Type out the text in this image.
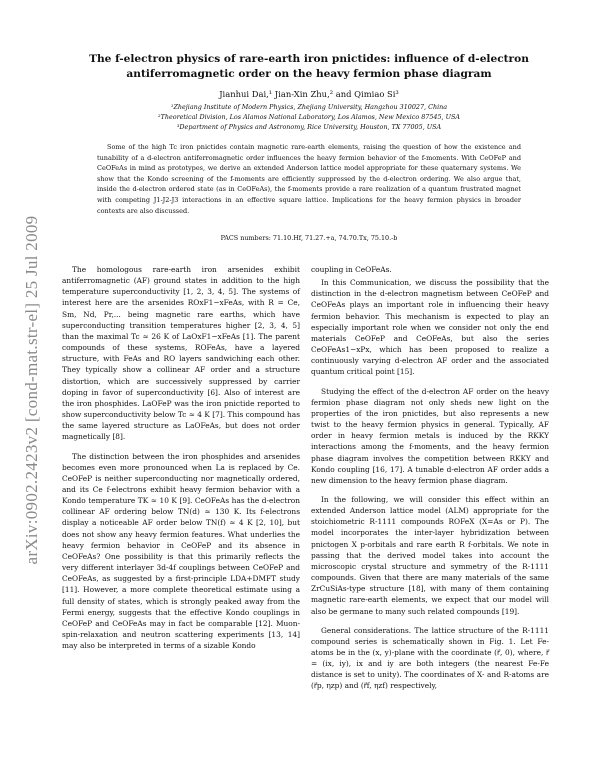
arXiv:0902.2423v2 [cond-mat.str-el] 25 Jul 2009
The f-electron physics of rare-earth iron pnictides: influence of d-electron antiferromagnetic order on the heavy fermion phase diagram
Jianhui Dai,¹ Jian-Xin Zhu,² and Qimiao Si³
¹Zhejiang Institute of Modern Physics, Zhejiang University, Hangzhou 310027, China
²Theoretical Division, Los Alamos National Laboratory, Los Alamos, New Mexico 87545, USA
³Department of Physics and Astronomy, Rice University, Houston, TX 77005, USA

Some of the high Tc iron pnictides contain magnetic rare-earth elements, raising the question of how the existence and tunability of a d-electron antiferromagnetic order influences the heavy fermion behavior of the f-moments. With CeOFeP and CeOFeAs in mind as prototypes, we derive an extended Anderson lattice model appropriate for these quaternary systems. We show that the Kondo screening of the f-moments are efficiently suppressed by the d-electron ordering. We also argue that, inside the d-electron ordered state (as in CeOFeAs), the f-moments provide a rare realization of a quantum frustrated magnet with competing J1-J2-J3 interactions in an effective square lattice. Implications for the heavy fermion physics in broader contexts are also discussed.

PACS numbers: 71.10.Hf, 71.27.+a, 74.70.Tx, 75.10.-b

The homologous rare-earth iron arsenides exhibit antiferromagnetic (AF) ground states in addition to the high temperature superconductivity [1, 2, 3, 4, 5]. The systems of interest here are the arsenides ROxF1−xFeAs, with R = Ce, Sm, Nd, Pr,... being magnetic rare earths, which have superconducting transition temperatures higher [2, 3, 4, 5] than the maximal Tc ≈ 26 K of LaOxF1−xFeAs [1]. The parent compounds of these systems, ROFeAs, have a layered structure, with FeAs and RO layers sandwiching each other. They typically show a collinear AF order and a structure distortion, which are successively suppressed by carrier doping in favor of superconductivity [6]. Also of interest are the iron phosphides. LaOFeP was the iron pnictide reported to show superconductivity below Tc ≈ 4 K [7]. This compound has the same layered structure as LaOFeAs, but does not order magnetically [8].

The distinction between the iron phosphides and arsenides becomes even more pronounced when La is replaced by Ce. CeOFeP is neither superconducting nor magnetically ordered, and its Ce f-electrons exhibit heavy fermion behavior with a Kondo temperature TK ≈ 10 K [9]. CeOFeAs has the d-electron collinear AF ordering below TN(d) ≈ 130 K. Its f-electrons display a noticeable AF order below TN(f) ≈ 4 K [2, 10], but does not show any heavy fermion features. What underlies the heavy fermion behavior in CeOFeP and its absence in CeOFeAs? One possibility is that this primarily reflects the very different interlayer 3d-4f couplings between CeOFeP and CeOFeAs, as suggested by a first-principle LDA+DMFT study [11]. However, a more complete theoretical estimate using a full density of states, which is strongly peaked away from the Fermi energy, suggests that the effective Kondo couplings in CeOFeP and CeOFeAs may in fact be comparable [12]. Muon-spin-relaxation and neutron scattering experiments [13, 14] may also be interpreted in terms of a sizable Kondo

coupling in CeOFeAs.

In this Communication, we discuss the possibility that the distinction in the d-electron magnetism between CeOFeP and CeOFeAs plays an important role in influencing their heavy fermion behavior. This mechanism is expected to play an especially important role when we consider not only the end materials CeOFeP and CeOFeAs, but also the series CeOFeAs1−xPx, which has been proposed to realize a continuously varying d-electron AF order and the associated quantum critical point [15].

Studying the effect of the d-electron AF order on the heavy fermion phase diagram not only sheds new light on the properties of the iron pnictides, but also represents a new twist to the heavy fermion physics in general. Typically, AF order in heavy fermion metals is induced by the RKKY interactions among the f-moments, and the heavy fermion phase diagram involves the competition between RKKY and Kondo coupling [16, 17]. A tunable d-electron AF order adds a new dimension to the heavy fermion phase diagram.

In the following, we will consider this effect within an extended Anderson lattice model (ALM) appropriate for the stoichiometric R-1111 compounds ROFeX (X=As or P). The model incorporates the inter-layer hybridization between pnictogen X p-orbitals and rare earth R f-orbitals. We note in passing that the derived model takes into account the microscopic crystal structure and symmetry of the R-1111 compounds. Given that there are many materials of the same ZrCuSiAs-type structure [18], with many of them containing magnetic rare-earth elements, we expect that our model will also be germane to many such related compounds [19].

General considerations. The lattice structure of the R-1111 compound series is schematically shown in Fig. 1. Let Fe-atoms be in the (x, y)-plane with the coordinate (r⃗, 0), where, r⃗ = (ix, iy), ix and iy are both integers (the nearest Fe-Fe distance is set to unity). The coordinates of X- and R-atoms are (r⃗p, ηzp) and (r⃗f, ηzf) respectively,
